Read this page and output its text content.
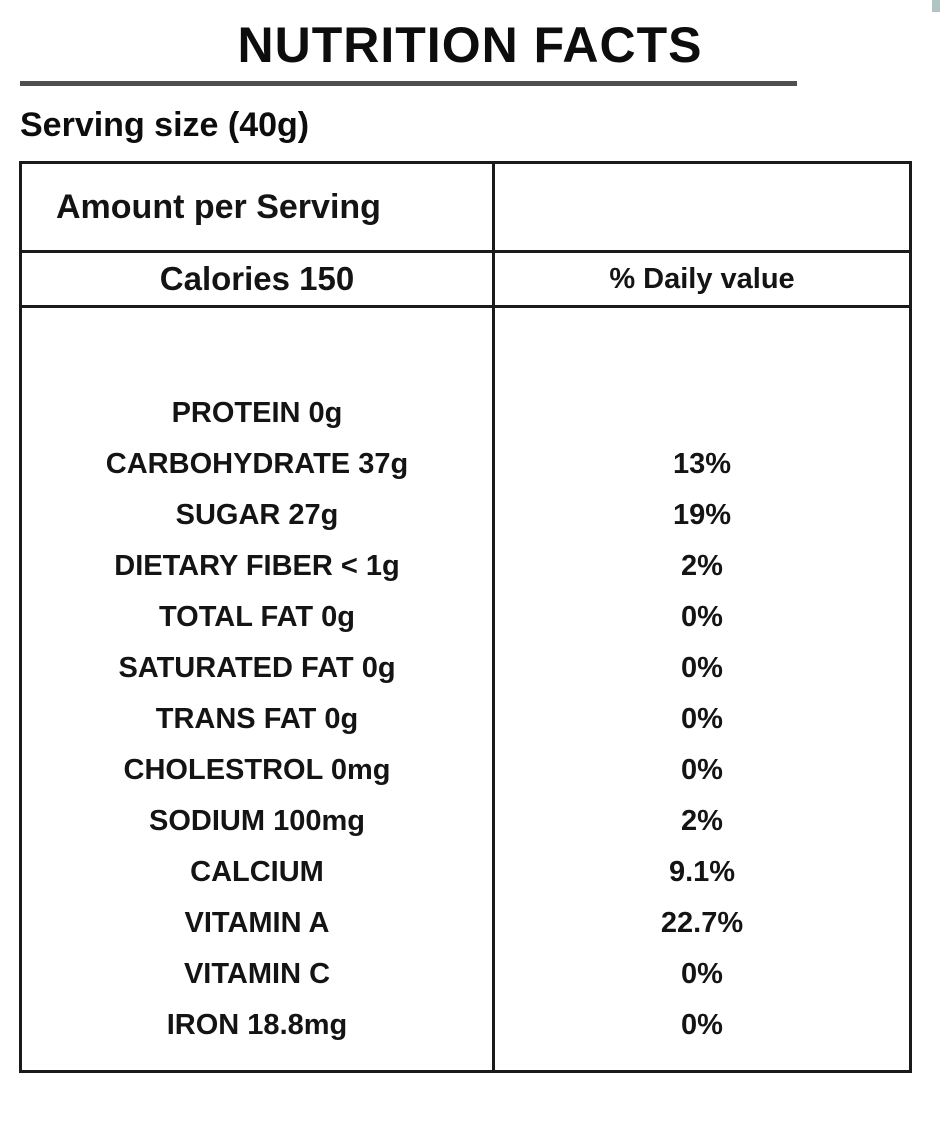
NUTRITION FACTS
Serving size (40g)
Amount per Serving
Calories 150	% Daily value
PROTEIN 0g
CARBOHYDRATE 37g
SUGAR 27g
DIETARY FIBER < 1g
TOTAL FAT 0g
SATURATED FAT 0g
TRANS FAT 0g
CHOLESTROL 0mg
SODIUM 100mg
CALCIUM
VITAMIN A
VITAMIN C
IRON 18.8mg
13%
19%
2%
0%
0%
0%
0%
2%
9.1%
22.7%
0%
0%
